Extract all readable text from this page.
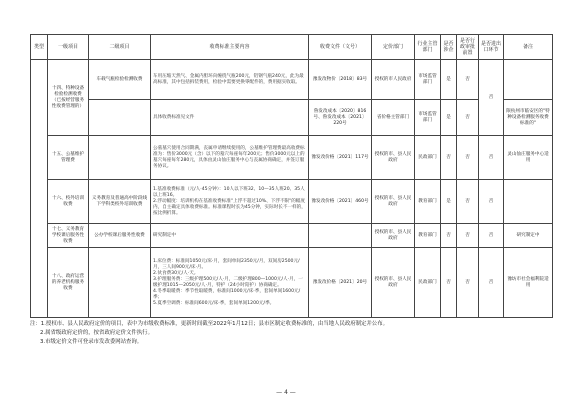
类型	一级项目	二级项目	收费标准主要内容	收费文件（文号）	定价部门	行业主管部门	是否涉企	是否行政审批前置	是否进出口环节	备注
	十四、特种设备检验检测收费（已按经营服务性收费管理的）	车载气瓶检验检测收费	车用压缩天然气、金属内胆环向缠绕气瓶200元，铝钢气瓶240元，此为最高标准，其中包括拆装费用，检验中需要更换零配件的，费用据实收取。	豫发改物价〔2018〕83号	授权的市人民政府	市场监管部门	是	否	否	
			具体收费标准见文件	鲁发改成本〔2020〕816号、鲁发改成本〔2021〕220号	省价格主管部门	市场监管部门	是	否		限杭州市临安区的"特种设备检测服务收费标准的"
	十五、公墓维护管理费		公墓墓穴使用合同期满，丧属申请继续使用的，公墓维护管理费最高收费标准为：售价3000元（含）以下的墓穴每座每年200元；售价3000元以上的墓穴每座每年280元，具体由灵山仙庄服务中心与丧属协商确定，并签订服务协议。	豫发改价格〔2021〕117号	授权的市、县人民政府	民政部门	否	否	否	灵山仙庄服务中心适用
	十六、校外培训收费	义务教育及普通高中阶段线下学科类校外培训收费	1.基准收费标准（元/人·45分钟）：10人以下班32、10—35人班20、35人以上班16。
2.浮动幅度：培训机构在基准收费标准"上浮不超过10%、下浮不限"的幅度内，自主确定具体收费标准。标准课程时长为45分钟，实际时长不一样的，按比例折算。	豫发改价格〔2021〕460号	授权的市、县人民政府	教育部门	是	否	否	
	十七、义务教育学校课后服务性收费	公办学校课后服务性收费	研究制定中		授权的市、县人民政府	教育部门	否	否	否	研究制定中
	十八、政府运营的养老机构服务收费		1.床位费：标准间1050元/床·月，套间单间2350元/月，双间房2500元/月，三人间900元/床·月。
2.伙食费30元/人·天。
3.护理服务费：三级护理500元/人·月，二级护理800—1000元/人·月，一级护理1015—2050元/人·月，特护（24小时陪护）协商确定。
4.冬季取暖费：季节性取暖费，标准间1000元/床·季，套间单间1600元/季；
5.夏季空调费：标准间600元/床·季，套间单间1200元/季。	豫发改价格〔2021〕20号	授权的市、县人民政府	民政部门	否	否	否	豫坊市社会福利院适用
注：1.授权市、县人民政府定价的项目，表中为市级收费标准，更新时间截至2022年1月12日；县市区制定收费标准的，由当地人民政府制定并公布。
2.属省级政府定价的，按省政府定价文件执行。
3.市级定价文件可登录市发改委网站查询。
— 4 —
